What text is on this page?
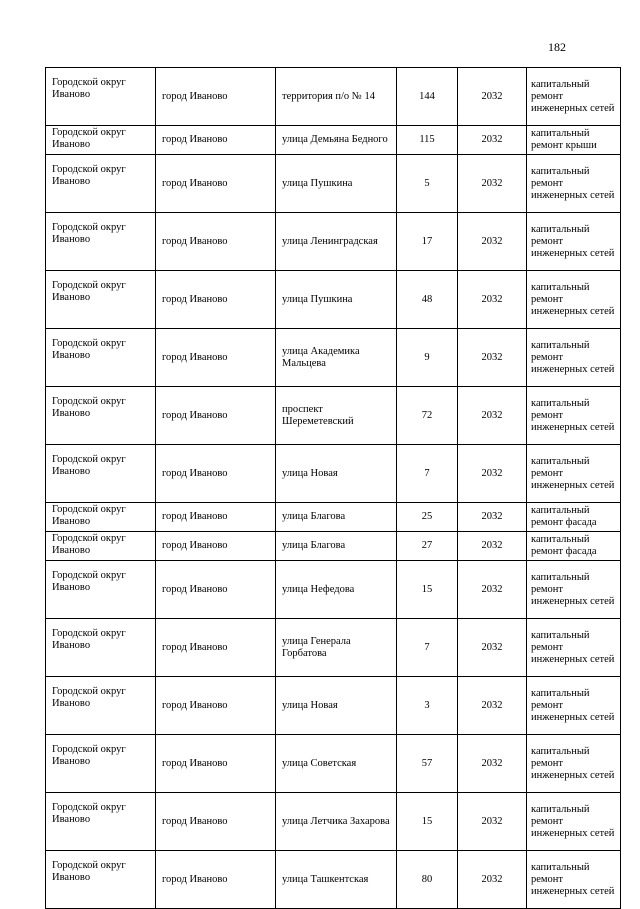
182
Городской округ Иваново	город Иваново	территория п/о № 14	144	2032	капитальный ремонт инженерных сетей
Городской округ Иваново	город Иваново	улица Демьяна Бедного	115	2032	капитальный ремонт крыши
Городской округ Иваново	город Иваново	улица Пушкина	5	2032	капитальный ремонт инженерных сетей
Городской округ Иваново	город Иваново	улица Ленинградская	17	2032	капитальный ремонт инженерных сетей
Городской округ Иваново	город Иваново	улица Пушкина	48	2032	капитальный ремонт инженерных сетей
Городской округ Иваново	город Иваново	улица Академика Мальцева	9	2032	капитальный ремонт инженерных сетей
Городской округ Иваново	город Иваново	проспект Шереметевский	72	2032	капитальный ремонт инженерных сетей
Городской округ Иваново	город Иваново	улица Новая	7	2032	капитальный ремонт инженерных сетей
Городской округ Иваново	город Иваново	улица Благова	25	2032	капитальный ремонт фасада
Городской округ Иваново	город Иваново	улица Благова	27	2032	капитальный ремонт фасада
Городской округ Иваново	город Иваново	улица Нефедова	15	2032	капитальный ремонт инженерных сетей
Городской округ Иваново	город Иваново	улица Генерала Горбатова	7	2032	капитальный ремонт инженерных сетей
Городской округ Иваново	город Иваново	улица Новая	3	2032	капитальный ремонт инженерных сетей
Городской округ Иваново	город Иваново	улица Советская	57	2032	капитальный ремонт инженерных сетей
Городской округ Иваново	город Иваново	улица Летчика Захарова	15	2032	капитальный ремонт инженерных сетей
Городской округ Иваново	город Иваново	улица Ташкентская	80	2032	капитальный ремонт инженерных сетей
